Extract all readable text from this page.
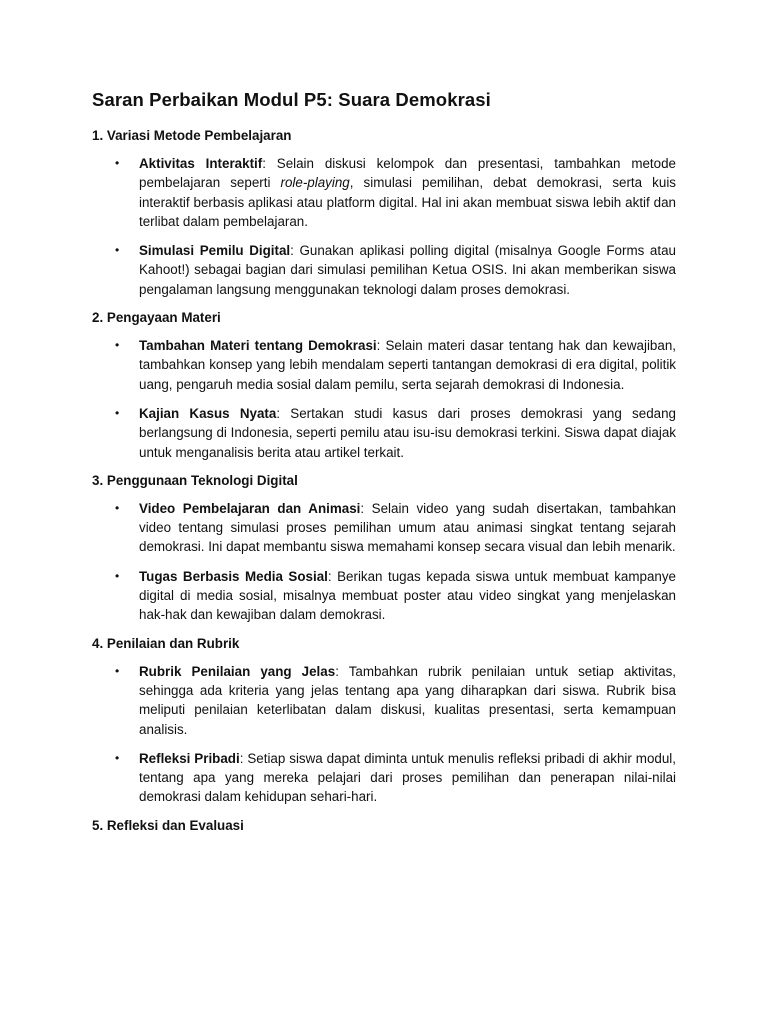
Saran Perbaikan Modul P5: Suara Demokrasi
1. Variasi Metode Pembelajaran
• Aktivitas Interaktif: Selain diskusi kelompok dan presentasi, tambahkan metode pembelajaran seperti role-playing, simulasi pemilihan, debat demokrasi, serta kuis interaktif berbasis aplikasi atau platform digital. Hal ini akan membuat siswa lebih aktif dan terlibat dalam pembelajaran.
• Simulasi Pemilu Digital: Gunakan aplikasi polling digital (misalnya Google Forms atau Kahoot!) sebagai bagian dari simulasi pemilihan Ketua OSIS. Ini akan memberikan siswa pengalaman langsung menggunakan teknologi dalam proses demokrasi.
2. Pengayaan Materi
• Tambahan Materi tentang Demokrasi: Selain materi dasar tentang hak dan kewajiban, tambahkan konsep yang lebih mendalam seperti tantangan demokrasi di era digital, politik uang, pengaruh media sosial dalam pemilu, serta sejarah demokrasi di Indonesia.
• Kajian Kasus Nyata: Sertakan studi kasus dari proses demokrasi yang sedang berlangsung di Indonesia, seperti pemilu atau isu-isu demokrasi terkini. Siswa dapat diajak untuk menganalisis berita atau artikel terkait.
3. Penggunaan Teknologi Digital
• Video Pembelajaran dan Animasi: Selain video yang sudah disertakan, tambahkan video tentang simulasi proses pemilihan umum atau animasi singkat tentang sejarah demokrasi. Ini dapat membantu siswa memahami konsep secara visual dan lebih menarik.
• Tugas Berbasis Media Sosial: Berikan tugas kepada siswa untuk membuat kampanye digital di media sosial, misalnya membuat poster atau video singkat yang menjelaskan hak-hak dan kewajiban dalam demokrasi.
4. Penilaian dan Rubrik
• Rubrik Penilaian yang Jelas: Tambahkan rubrik penilaian untuk setiap aktivitas, sehingga ada kriteria yang jelas tentang apa yang diharapkan dari siswa. Rubrik bisa meliputi penilaian keterlibatan dalam diskusi, kualitas presentasi, serta kemampuan analisis.
• Refleksi Pribadi: Setiap siswa dapat diminta untuk menulis refleksi pribadi di akhir modul, tentang apa yang mereka pelajari dari proses pemilihan dan penerapan nilai-nilai demokrasi dalam kehidupan sehari-hari.
5. Refleksi dan Evaluasi
